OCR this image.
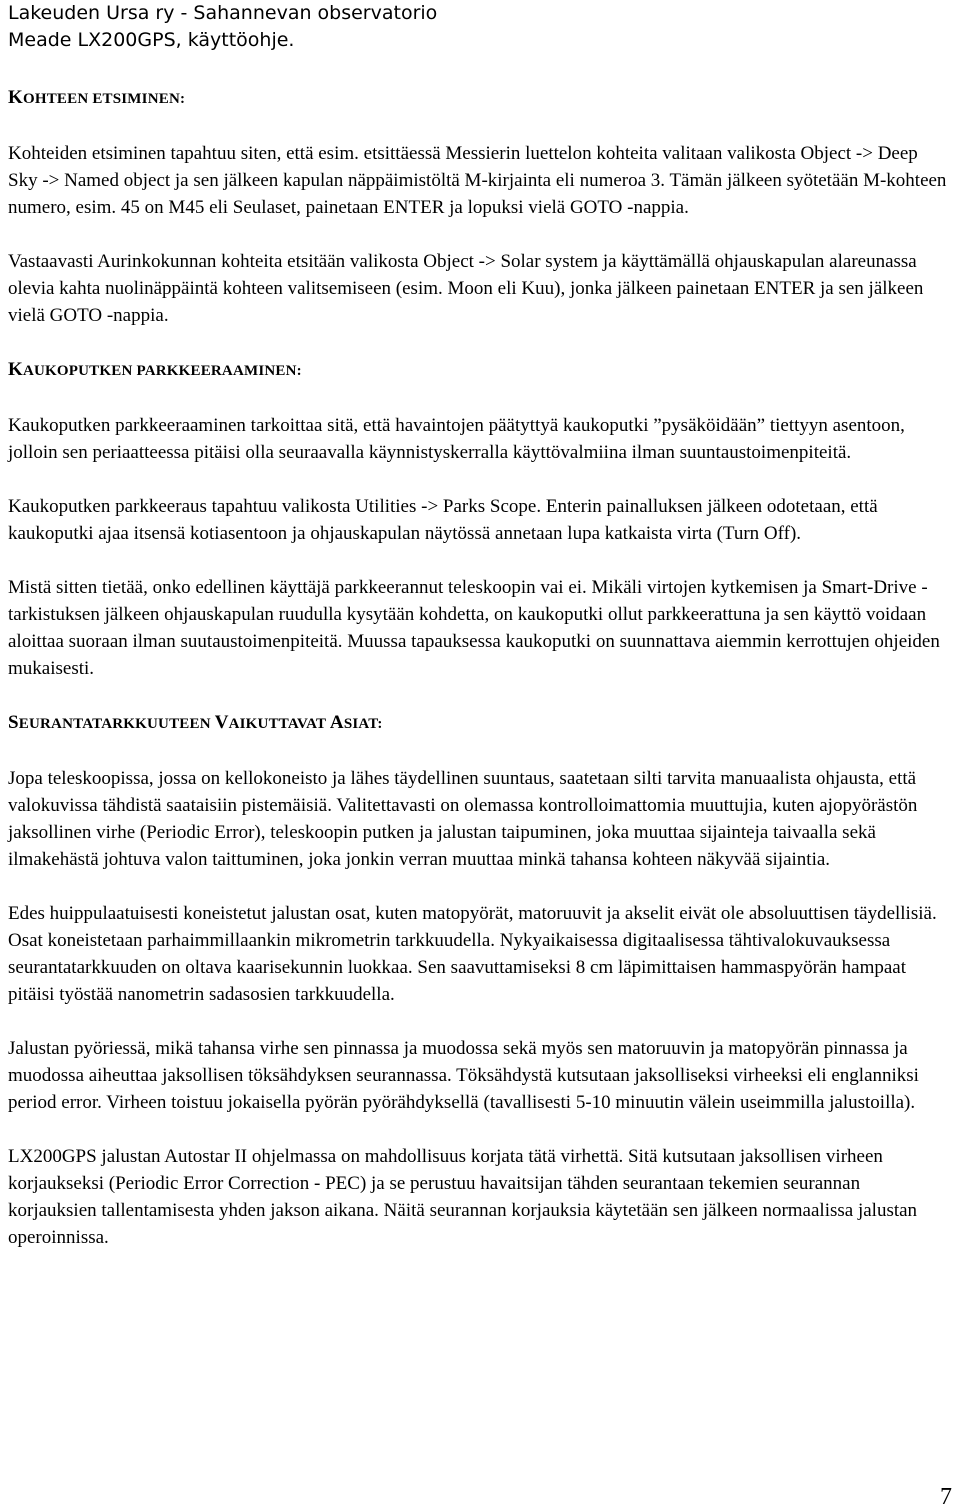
Lakeuden Ursa ry - Sahannevan observatorio
Meade LX200GPS, käyttöohje.
KOHTEEN ETSIMINEN:

Kohteiden etsiminen tapahtuu siten, että esim. etsittäessä Messierin luettelon kohteita valitaan valikosta Object -> Deep Sky -> Named object ja sen jälkeen kapulan näppäimistöltä M-kirjainta eli numeroa 3. Tämän jälkeen syötetään M-kohteen numero, esim. 45 on M45 eli Seulaset, painetaan ENTER ja lopuksi vielä GOTO -nappia.

Vastaavasti Aurinkokunnan kohteita etsitään valikosta Object -> Solar system ja käyttämällä ohjauskapulan alareunassa olevia kahta nuolinäppäintä kohteen valitsemiseen (esim. Moon eli Kuu), jonka jälkeen painetaan ENTER ja sen jälkeen vielä GOTO -nappia.

KAUKOPUTKEN PARKKEERAAMINEN:

Kaukoputken parkkeeraaminen tarkoittaa sitä, että havaintojen päätyttyä kaukoputki ”pysäköidään” tiettyyn asentoon, jolloin sen periaatteessa pitäisi olla seuraavalla käynnistyskerralla käyttövalmiina ilman suuntaustoimenpiteitä.

Kaukoputken parkkeeraus tapahtuu valikosta Utilities -> Parks Scope. Enterin painalluksen jälkeen odotetaan, että kaukoputki ajaa itsensä kotiasentoon ja ohjauskapulan näytössä annetaan lupa katkaista virta (Turn Off).

Mistä sitten tietää, onko edellinen käyttäjä parkkeerannut teleskoopin vai ei. Mikäli virtojen kytkemisen ja Smart-Drive -tarkistuksen jälkeen ohjauskapulan ruudulla kysytään kohdetta, on kaukoputki ollut parkkeerattuna ja sen käyttö voidaan aloittaa suoraan ilman suutaustoimenpiteitä. Muussa tapauksessa kaukoputki on suunnattava aiemmin kerrottujen ohjeiden mukaisesti.

SEURANTATARKKUUTEEN VAIKUTTAVAT ASIAT:

Jopa teleskoopissa, jossa on kellokoneisto ja lähes täydellinen suuntaus, saatetaan silti tarvita manuaalista ohjausta, että valokuvissa tähdistä saataisiin pistemäisiä. Valitettavasti on olemassa kontrolloimattomia muuttujia, kuten ajopyörästön jaksollinen virhe (Periodic Error), teleskoopin putken ja jalustan taipuminen, joka muuttaa sijainteja taivaalla sekä ilmakehästä johtuva valon taittuminen, joka jonkin verran muuttaa minkä tahansa kohteen näkyvää sijaintia.

Edes huippulaatuisesti koneistetut jalustan osat, kuten matopyörät, matoruuvit ja akselit eivät ole absoluuttisen täydellisiä. Osat koneistetaan parhaimmillaankin mikrometrin tarkkuudella. Nykyaikaisessa digitaalisessa tähtivalokuvauksessa seurantatarkkuuden on oltava kaarisekunnin luokkaa. Sen saavuttamiseksi 8 cm läpimittaisen hammaspyörän hampaat pitäisi työstää nanometrin sadasosien tarkkuudella.

Jalustan pyöriessä, mikä tahansa virhe sen pinnassa ja muodossa sekä myös sen matoruuvin ja matopyörän pinnassa ja muodossa aiheuttaa jaksollisen töksähdyksen seurannassa. Töksähdystä kutsutaan jaksolliseksi virheeksi eli englanniksi period error. Virheen toistuu jokaisella pyörän pyörähdyksellä (tavallisesti 5-10 minuutin välein useimmilla jalustoilla).

LX200GPS jalustan Autostar II ohjelmassa on mahdollisuus korjata tätä virhettä. Sitä kutsutaan jaksollisen virheen korjaukseksi (Periodic Error Correction - PEC) ja se perustuu havaitsijan tähden seurantaan tekemien seurannan korjauksien tallentamisesta yhden jakson aikana. Näitä seurannan korjauksia käytetään sen jälkeen normaalissa jalustan operoinnissa.

7
